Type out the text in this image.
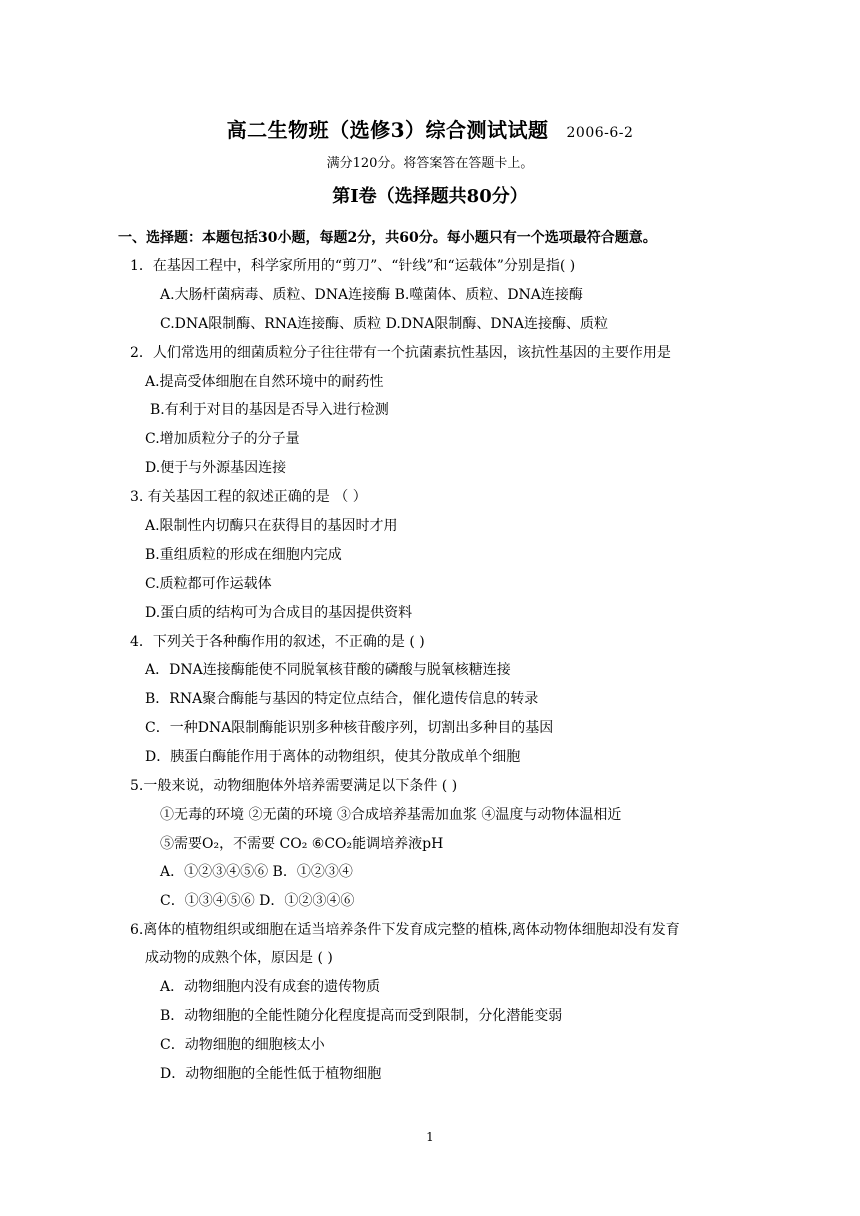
高二生物班（选修3）综合测试试题 2006-6-2
满分120分。将答案答在答题卡上。
第I卷（选择题共80分）
一、选择题：本题包括30小题，每题2分，共60分。每小题只有一个选项最符合题意。
1．在基因工程中，科学家所用的“剪刀”、“针线”和“运载体”分别是指( )
A.大肠杆菌病毒、质粒、DNA连接酶 B.噬菌体、质粒、DNA连接酶
C.DNA限制酶、RNA连接酶、质粒 D.DNA限制酶、DNA连接酶、质粒
2．人们常选用的细菌质粒分子往往带有一个抗菌素抗性基因，该抗性基因的主要作用是
A.提高受体细胞在自然环境中的耐药性
B.有利于对目的基因是否导入进行检测
C.增加质粒分子的分子量
D.便于与外源基因连接
3. 有关基因工程的叙述正确的是 （ ）
A.限制性内切酶只在获得目的基因时才用
B.重组质粒的形成在细胞内完成
C.质粒都可作运载体
D.蛋白质的结构可为合成目的基因提供资料
4．下列关于各种酶作用的叙述，不正确的是 ( )
A．DNA连接酶能使不同脱氧核苷酸的磷酸与脱氧核糖连接
B．RNA聚合酶能与基因的特定位点结合，催化遗传信息的转录
C．一种DNA限制酶能识别多种核苷酸序列，切割出多种目的基因
D．胰蛋白酶能作用于离体的动物组织，使其分散成单个细胞
5.一般来说，动物细胞体外培养需要满足以下条件 ( )
①无毒的环境 ②无菌的环境 ③合成培养基需加血浆 ④温度与动物体温相近
⑤需要O₂，不需要 CO₂ ⑥CO₂能调培养液pH
A．①②③④⑤⑥ B．①②③④
C．①③④⑤⑥ D．①②③④⑥
6.离体的植物组织或细胞在适当培养条件下发育成完整的植株,离体动物体细胞却没有发育
成动物的成熟个体，原因是 ( )
A．动物细胞内没有成套的遗传物质
B．动物细胞的全能性随分化程度提高而受到限制，分化潜能变弱
C．动物细胞的细胞核太小
D．动物细胞的全能性低于植物细胞
1
